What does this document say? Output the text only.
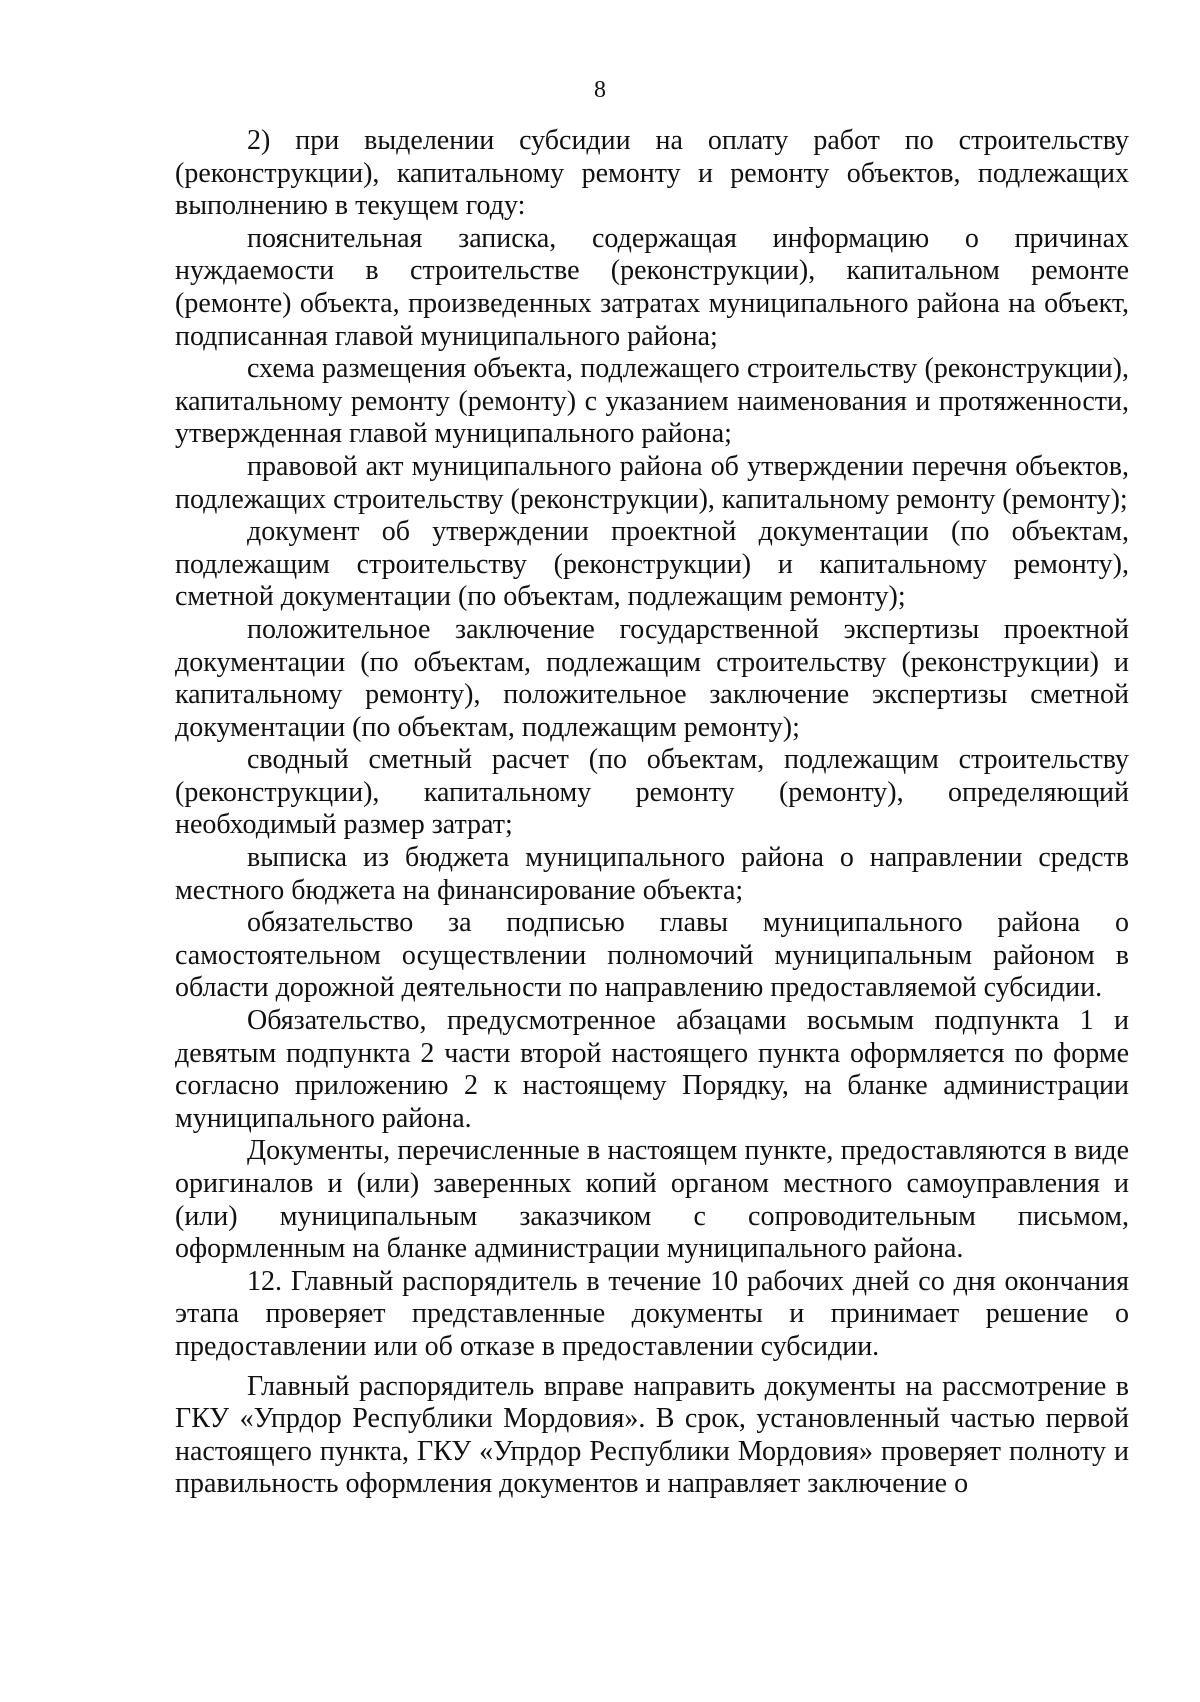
8

2) при выделении субсидии на оплату работ по строительству (реконструкции), капитальному ремонту и ремонту объектов, подлежащих выполнению в текущем году:

пояснительная записка, содержащая информацию о причинах нуждаемости в строительстве (реконструкции), капитальном ремонте (ремонте) объекта, произведенных затратах муниципального района на объект, подписанная главой муниципального района;

схема размещения объекта, подлежащего строительству (реконструкции), капитальному ремонту (ремонту) с указанием наименования и протяженности, утвержденная главой муниципального района;

правовой акт муниципального района об утверждении перечня объектов, подлежащих строительству (реконструкции), капитальному ремонту (ремонту);

документ об утверждении проектной документации (по объектам, подлежащим строительству (реконструкции) и капитальному ремонту), сметной документации (по объектам, подлежащим ремонту);

положительное заключение государственной экспертизы проектной документации (по объектам, подлежащим строительству (реконструкции) и капитальному ремонту), положительное заключение экспертизы сметной документации (по объектам, подлежащим ремонту);

сводный сметный расчет (по объектам, подлежащим строительству (реконструкции), капитальному ремонту (ремонту), определяющий необходимый размер затрат;

выписка из бюджета муниципального района о направлении средств местного бюджета на финансирование объекта;

обязательство за подписью главы муниципального района о самостоятельном осуществлении полномочий муниципальным районом в области дорожной деятельности по направлению предоставляемой субсидии.

Обязательство, предусмотренное абзацами восьмым подпункта 1 и девятым подпункта 2 части второй настоящего пункта оформляется по форме согласно приложению 2 к настоящему Порядку, на бланке администрации муниципального района.

Документы, перечисленные в настоящем пункте, предоставляются в виде оригиналов и (или) заверенных копий органом местного самоуправления и (или) муниципальным заказчиком с сопроводительным письмом, оформленным на бланке администрации муниципального района.

12. Главный распорядитель в течение 10 рабочих дней со дня окончания этапа проверяет представленные документы и принимает решение о предоставлении или об отказе в предоставлении субсидии.

Главный распорядитель вправе направить документы на рассмотрение в ГКУ «Упрдор Республики Мордовия». В срок, установленный частью первой настоящего пункта, ГКУ «Упрдор Республики Мордовия» проверяет полноту и правильность оформления документов и направляет заключение о
